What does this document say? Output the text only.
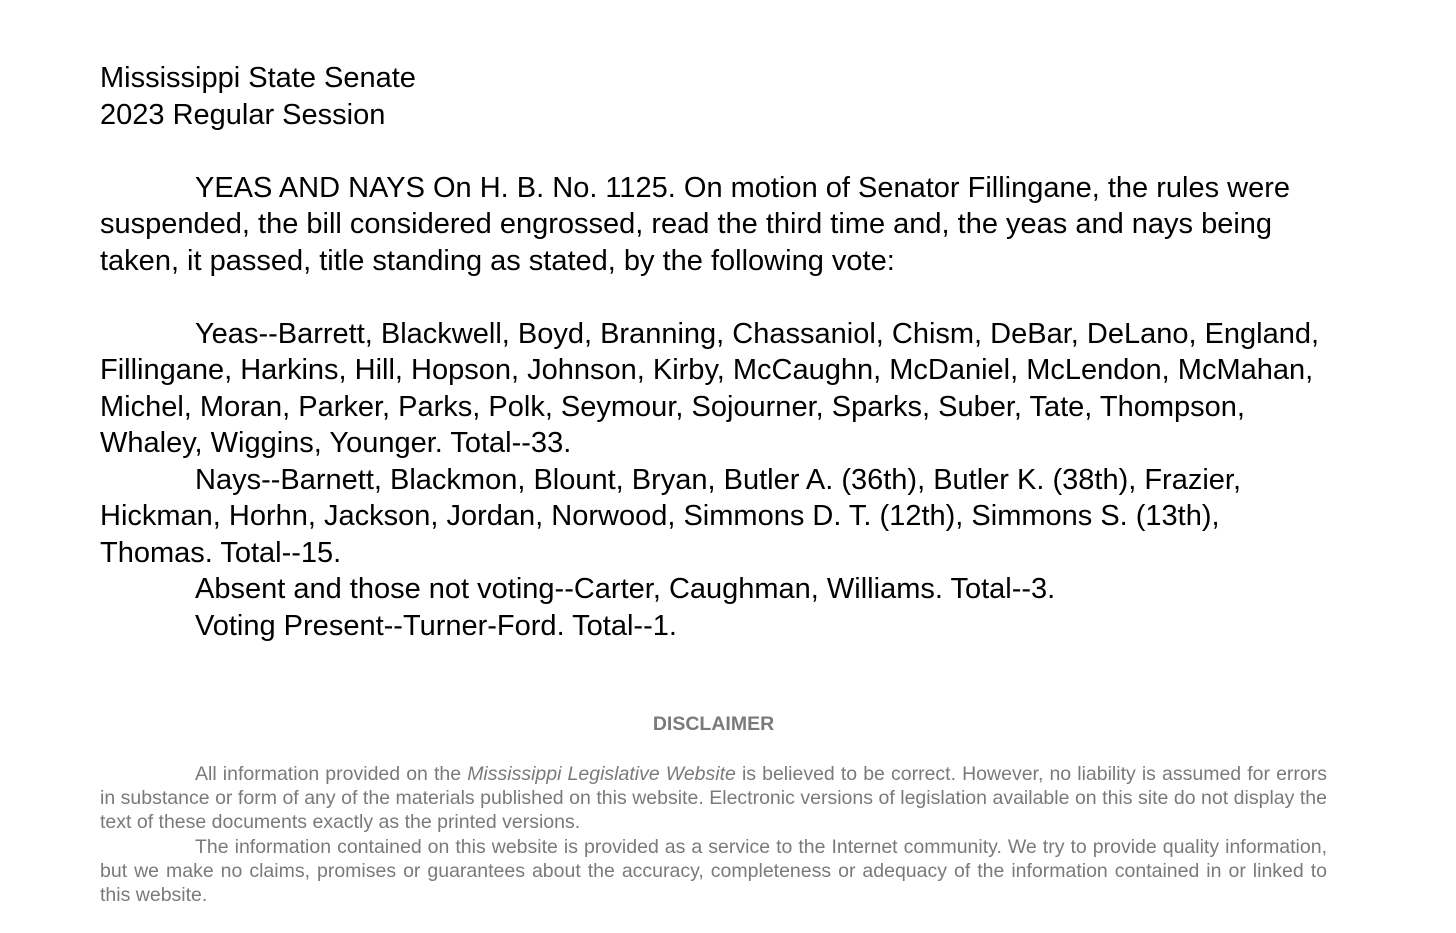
Mississippi State Senate

2023 Regular Session

YEAS AND NAYS On H. B. No. 1125. On motion of Senator Fillingane, the rules were suspended, the bill considered engrossed, read the third time and, the yeas and nays being taken, it passed, title standing as stated, by the following vote:

Yeas--Barrett, Blackwell, Boyd, Branning, Chassaniol, Chism, DeBar, DeLano, England, Fillingane, Harkins, Hill, Hopson, Johnson, Kirby, McCaughn, McDaniel, McLendon, McMahan, Michel, Moran, Parker, Parks, Polk, Seymour, Sojourner, Sparks, Suber, Tate, Thompson, Whaley, Wiggins, Younger. Total--33.

Nays--Barnett, Blackmon, Blount, Bryan, Butler A. (36th), Butler K. (38th), Frazier, Hickman, Horhn, Jackson, Jordan, Norwood, Simmons D. T. (12th), Simmons S. (13th), Thomas. Total--15.

Absent and those not voting--Carter, Caughman, Williams. Total--3.

Voting Present--Turner-Ford. Total--1.

DISCLAIMER

All information provided on the Mississippi Legislative Website is believed to be correct. However, no liability is assumed for errors in substance or form of any of the materials published on this website. Electronic versions of legislation available on this site do not display the text of these documents exactly as the printed versions.

The information contained on this website is provided as a service to the Internet community. We try to provide quality information, but we make no claims, promises or guarantees about the accuracy, completeness or adequacy of the information contained in or linked to this website.
